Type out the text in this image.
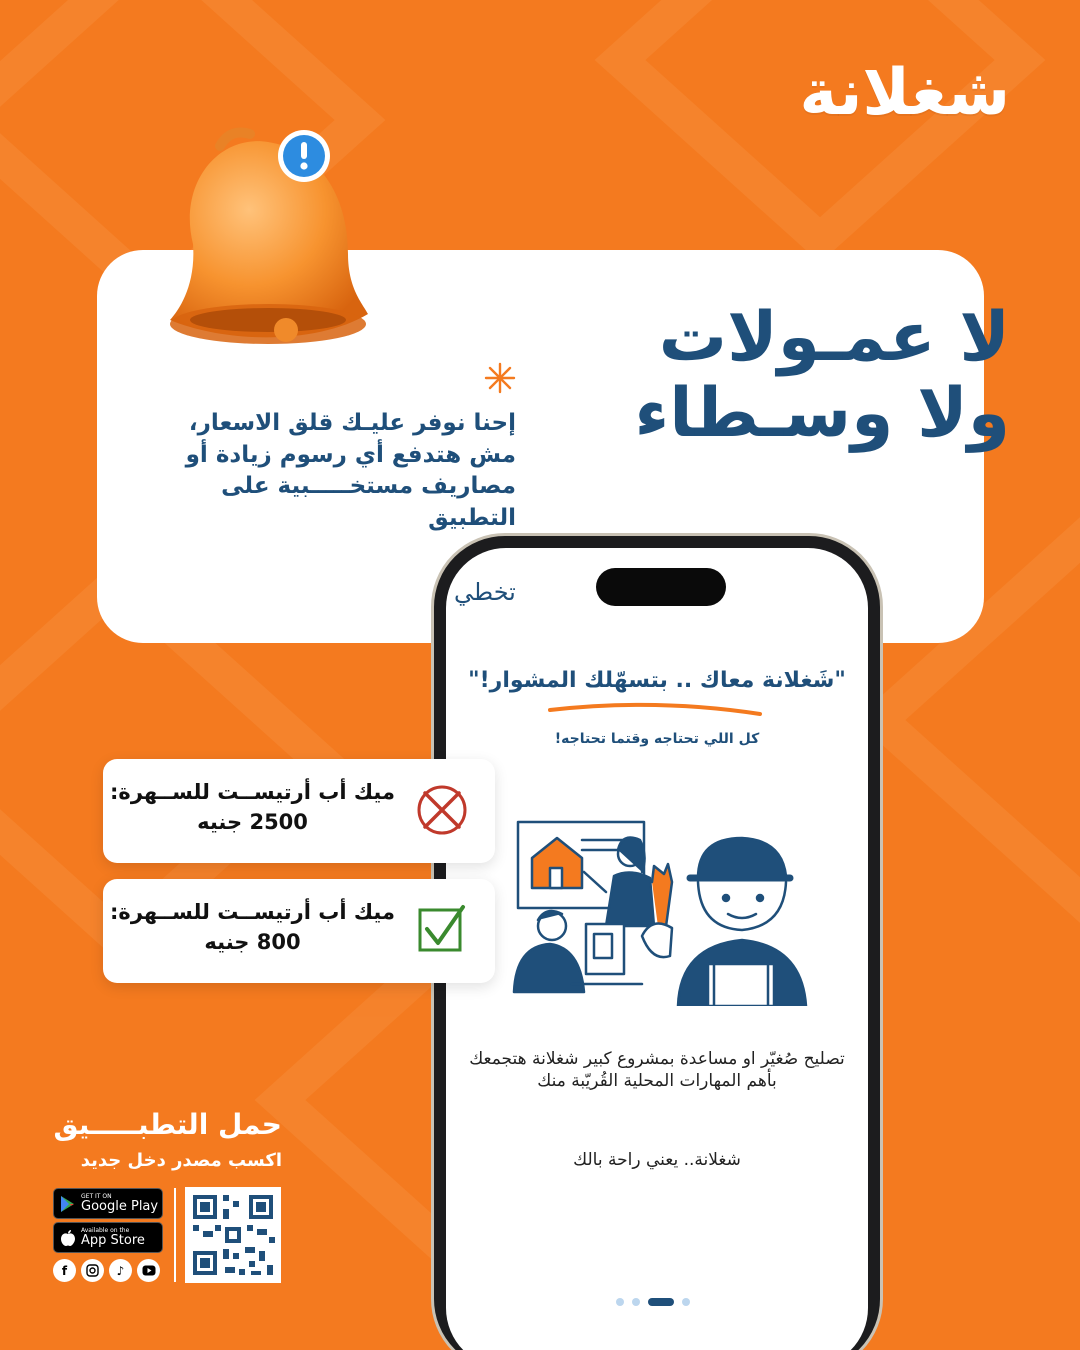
شغلانة
لا عمـولات
ولا وسـطاء
إحنا نوفر عليـك قلق الاسعار، مش هتدفع أي رسوم زيادة أو مصاريف مستخـــــبية على التطبيق
تخطي
"شَغلانة معاك .. بتسهّلك المشوار!"
كل اللي تحتاجه وقتما تحتاجه!
تصليح صُغيّر او مساعدة بمشروع كبير شغلانة هتجمعك بأهم المهارات المحلية القُريّبة منك
شغلانة.. يعني راحة بالك
ميك أب أرتيســت للســهرة:
2500 جنيه
ميك أب أرتيســت للســهرة:
800 جنيه
حمل التطبـــــيق
اكسب مصدر دخل جديد
GET IT ON
Google Play
Available on the
App Store
f	♪
